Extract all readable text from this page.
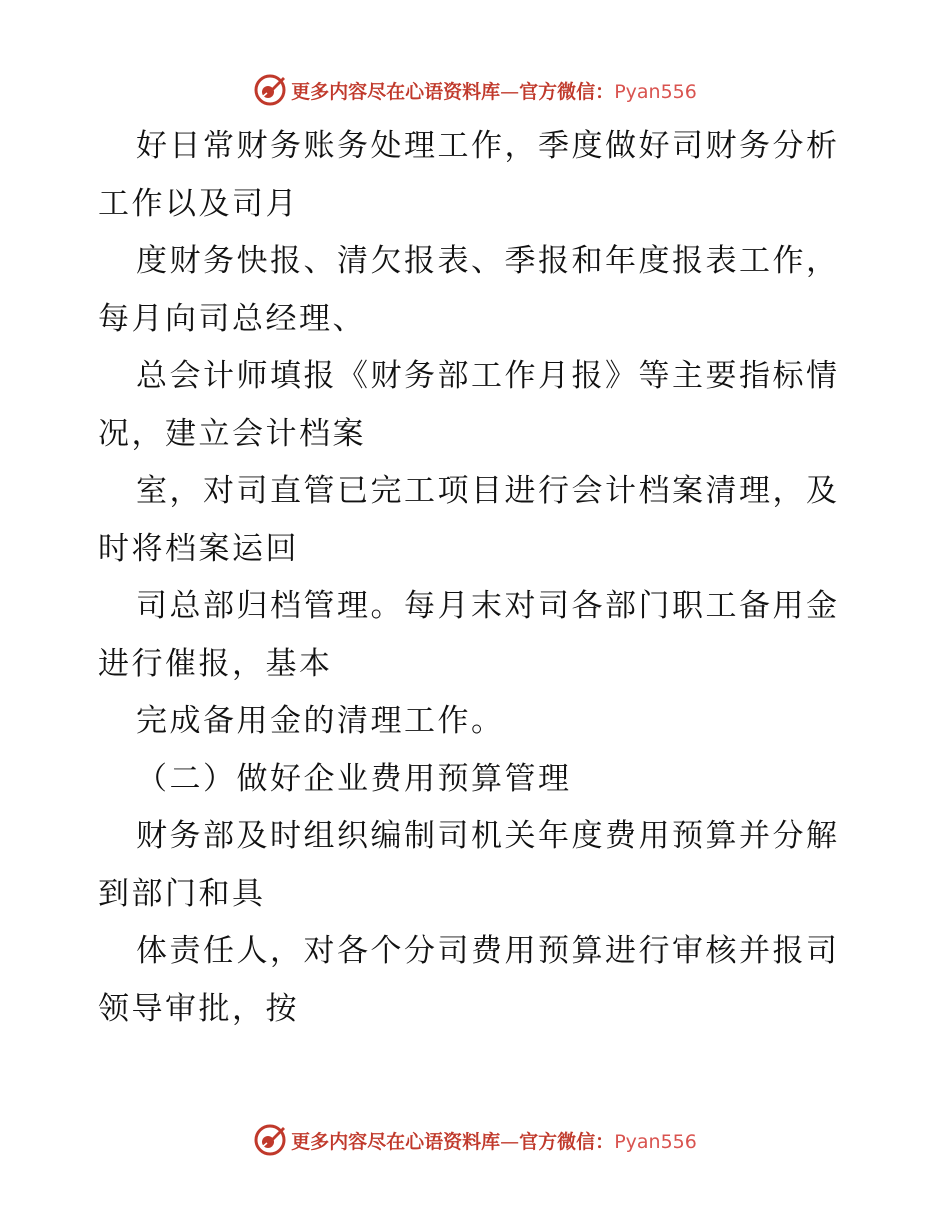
更多内容尽在心语资料库—官方微信：Pyan556

好日常财务账务处理工作，季度做好司财务分析工作以及司月

度财务快报、清欠报表、季报和年度报表工作，每月向司总经理、

总会计师填报《财务部工作月报》等主要指标情况，建立会计档案

室，对司直管已完工项目进行会计档案清理，及时将档案运回

司总部归档管理。每月末对司各部门职工备用金进行催报，基本

完成备用金的清理工作。

（二）做好企业费用预算管理

财务部及时组织编制司机关年度费用预算并分解到部门和具

体责任人，对各个分司费用预算进行审核并报司领导审批，按

更多内容尽在心语资料库—官方微信：Pyan556
